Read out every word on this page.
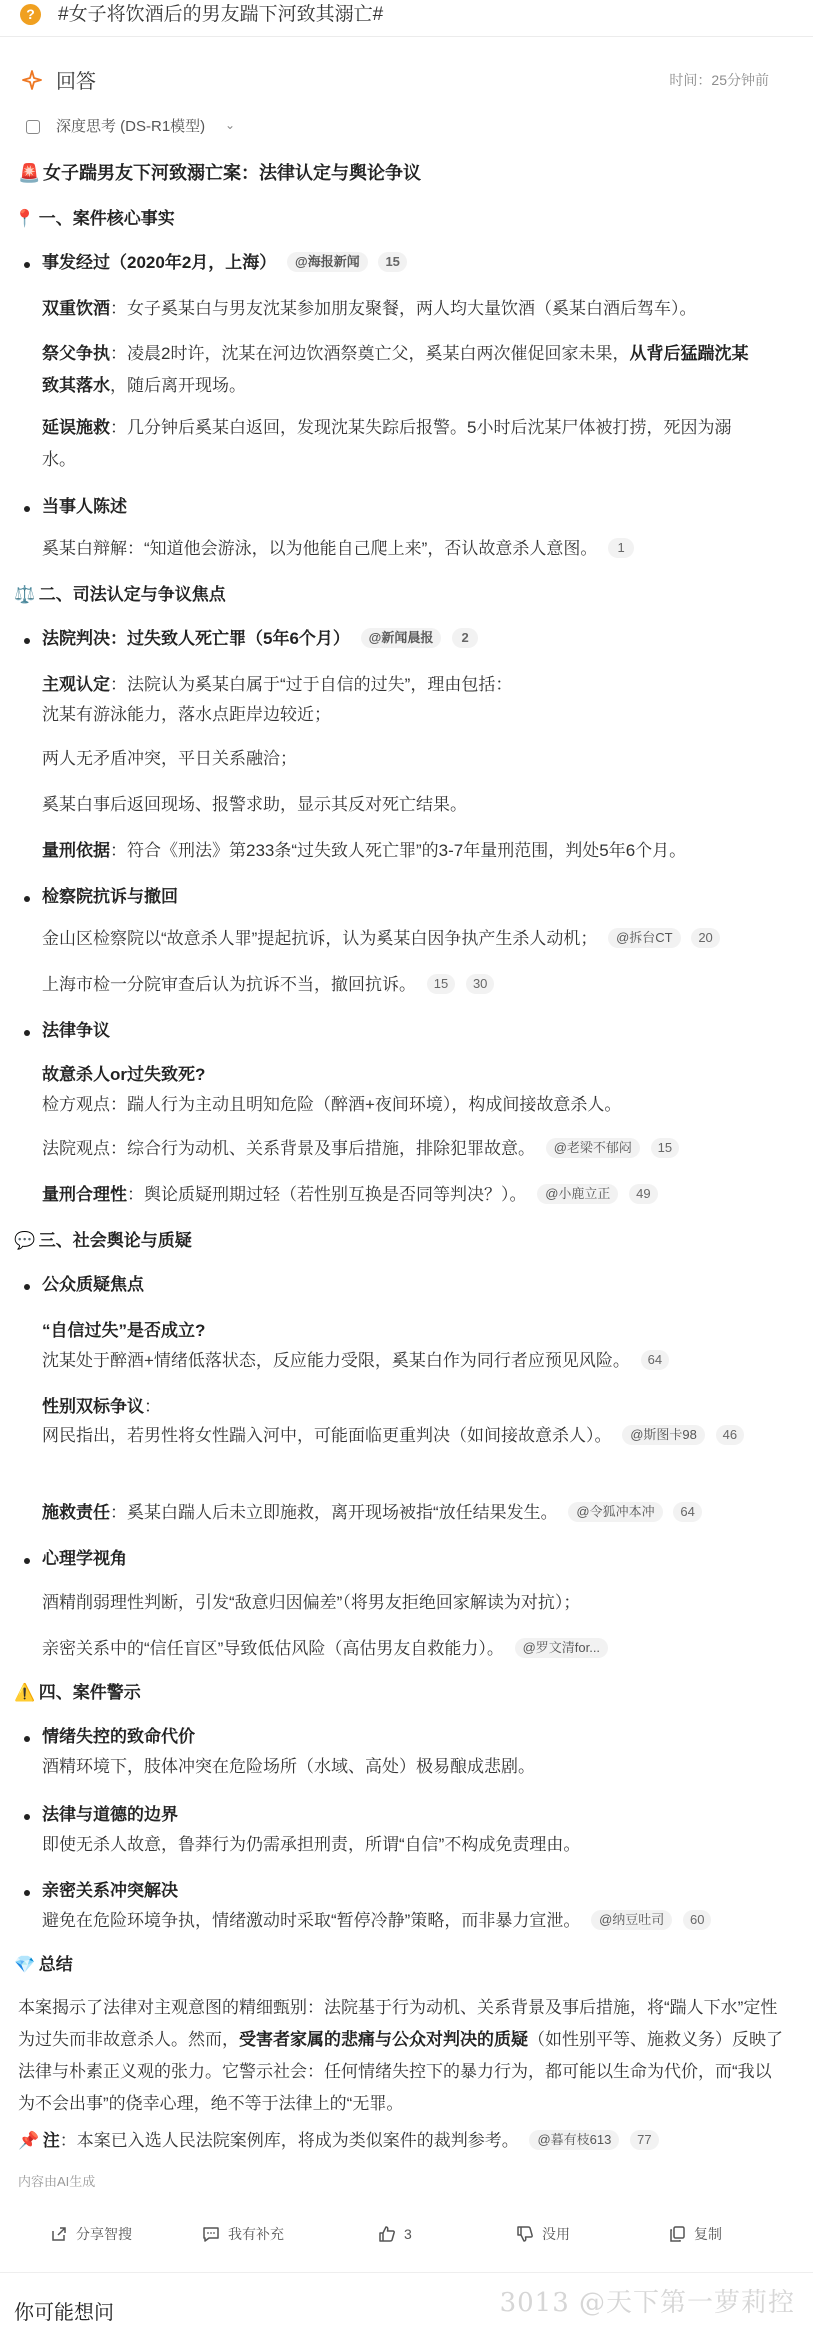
?	#女子将饮酒后的男友踹下河致其溺亡#
回答	时间：25分钟前
深度思考 (DS-R1模型) ⌄
🚨 女子踹男友下河致溺亡案：法律认定与舆论争议
📍 一、案件核心事实
事发经过（2020年2月，上海） @海报新闻 15
双重饮酒：女子奚某白与男友沈某参加朋友聚餐，两人均大量饮酒（奚某白酒后驾车）。
祭父争执：凌晨2时许，沈某在河边饮酒祭奠亡父，奚某白两次催促回家未果，从背后猛踹沈某致其落水，随后离开现场。
延误施救：几分钟后奚某白返回，发现沈某失踪后报警。5小时后沈某尸体被打捞，死因为溺水。
当事人陈述
奚某白辩解：“知道他会游泳，以为他能自己爬上来”，否认故意杀人意图。 1
⚖️ 二、司法认定与争议焦点
法院判决：过失致人死亡罪（5年6个月） @新闻晨报 2
主观认定：法院认为奚某白属于“过于自信的过失”，理由包括：
沈某有游泳能力，落水点距岸边较近；
两人无矛盾冲突，平日关系融洽；
奚某白事后返回现场、报警求助，显示其反对死亡结果。
量刑依据：符合《刑法》第233条“过失致人死亡罪”的3-7年量刑范围，判处5年6个月。
检察院抗诉与撤回
金山区检察院以“故意杀人罪”提起抗诉，认为奚某白因争执产生杀人动机； @拆台CT 20
上海市检一分院审查后认为抗诉不当，撤回抗诉。 15 30
法律争议
故意杀人or过失致死?
检方观点：踹人行为主动且明知危险（醉酒+夜间环境），构成间接故意杀人。
法院观点：综合行为动机、关系背景及事后措施，排除犯罪故意。 @老梁不郁闷 15
量刑合理性：舆论质疑刑期过轻（若性别互换是否同等判决？）。 @小鹿立正 49
💬 三、社会舆论与质疑
公众质疑焦点
“自信过失”是否成立?
沈某处于醉酒+情绪低落状态，反应能力受限，奚某白作为同行者应预见风险。 64
性别双标争议：
网民指出，若男性将女性踹入河中，可能面临更重判决（如间接故意杀人）。 @斯图卡98 46
施救责任：奚某白踹人后未立即施救，离开现场被指“放任结果发生。 @令狐冲本冲 64
心理学视角
酒精削弱理性判断，引发“敌意归因偏差”（将男友拒绝回家解读为对抗）；
亲密关系中的“信任盲区”导致低估风险（高估男友自救能力）。 @罗文清for...
⚠️ 四、案件警示
情绪失控的致命代价
酒精环境下，肢体冲突在危险场所（水域、高处）极易酿成悲剧。
法律与道德的边界
即使无杀人故意，鲁莽行为仍需承担刑责，所谓“自信”不构成免责理由。
亲密关系冲突解决
避免在危险环境争执，情绪激动时采取“暂停冷静”策略，而非暴力宣泄。 @纳豆吐司 60
💎 总结
本案揭示了法律对主观意图的精细甄别：法院基于行为动机、关系背景及事后措施，将“踹人下水”定性为过失而非故意杀人。然而，受害者家属的悲痛与公众对判决的质疑（如性别平等、施救义务）反映了法律与朴素正义观的张力。它警示社会：任何情绪失控下的暴力行为，都可能以生命为代价，而“我以为不会出事”的侥幸心理，绝不等于法律上的“无罪。
📌 注：本案已入选人民法院案例库，将成为类似案件的裁判参考。 @暮有枝613 77
内容由AI生成
分享智搜	我有补充	3	没用	复制
你可能想问	3013 @天下第一萝莉控
